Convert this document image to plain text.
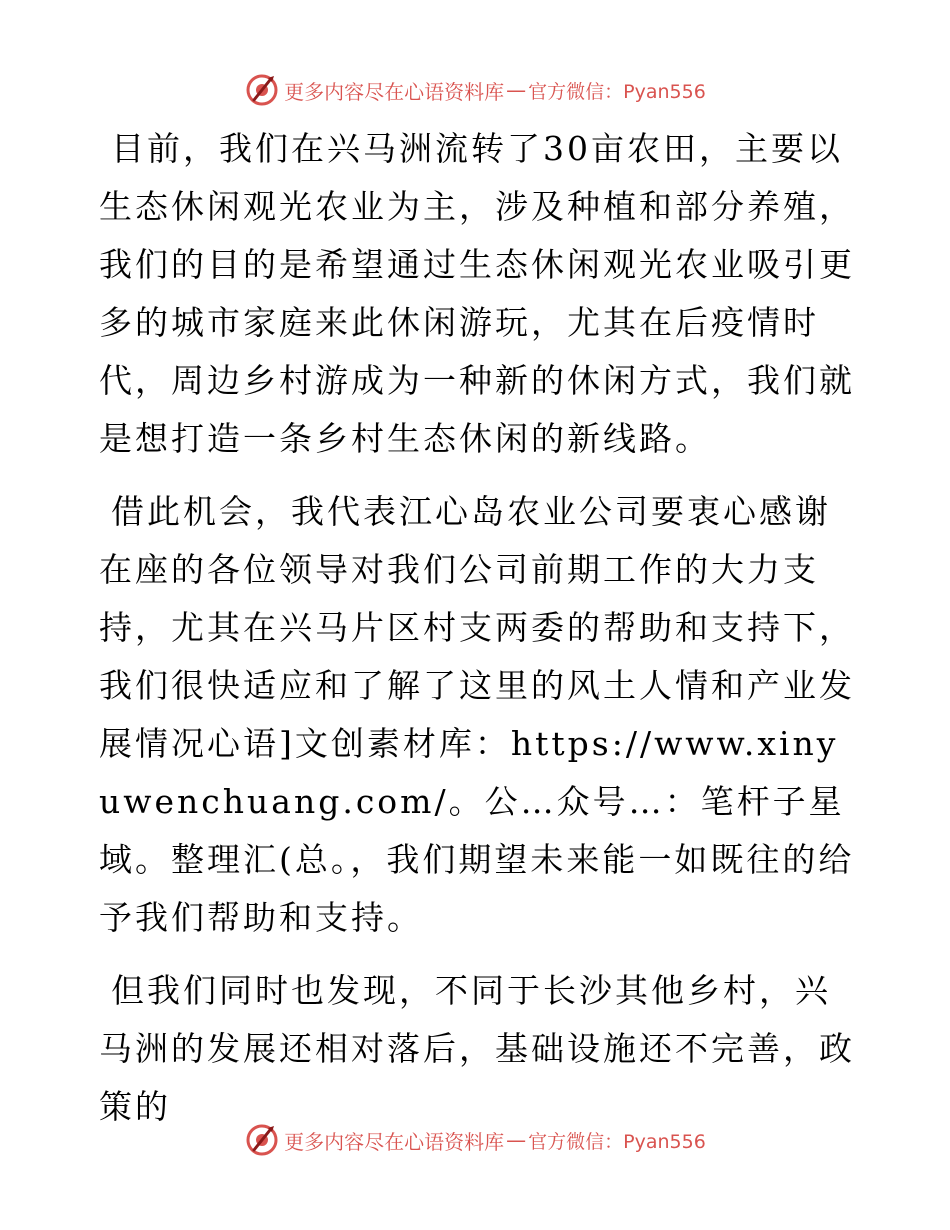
更多内容尽在心语资料库 — 官方微信：Pyan556

目前，我们在兴马洲流转了30亩农田，主要以生态休闲观光农业为主，涉及种植和部分养殖，我们的目的是希望通过生态休闲观光农业吸引更多的城市家庭来此休闲游玩，尤其在后疫情时代，周边乡村游成为一种新的休闲方式，我们就是想打造一条乡村生态休闲的新线路。

借此机会，我代表江心岛农业公司要衷心感谢在座的各位领导对我们公司前期工作的大力支持，尤其在兴马片区村支两委的帮助和支持下，我们很快适应和了解了这里的风土人情和产业发展情况心语]文创素材库：https://www.xinyuwenchuang.com/。公…众号…：笔杆子星域。整理汇(总。，我们期望未来能一如既往的给予我们帮助和支持。

但我们同时也发现，不同于长沙其他乡村，兴马洲的发展还相对落后，基础设施还不完善，政策的

更多内容尽在心语资料库 — 官方微信：Pyan556
